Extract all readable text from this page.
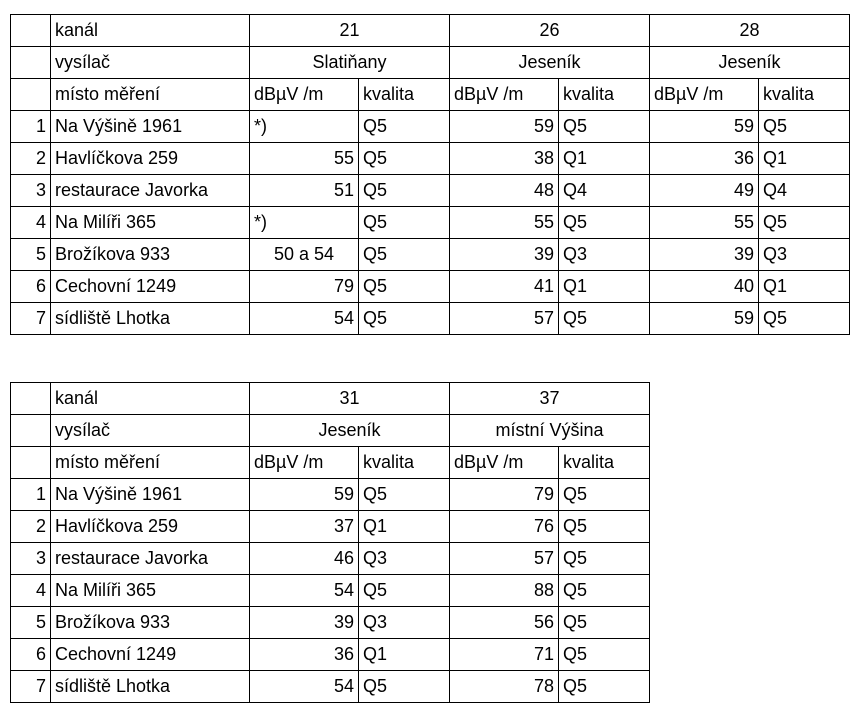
	kanál	21		26		28	
	vysílač	Slatiňany		Jeseník		Jeseník	
	místo měření	dBµV /m	kvalita	dBµV /m	kvalita	dBµV /m	kvalita
1	Na Výšině 1961	*)	Q5	59	Q5	59	Q5
2	Havlíčkova 259	55	Q5	38	Q1	36	Q1
3	restaurace Javorka	51	Q5	48	Q4	49	Q4
4	Na Milíři 365	*)	Q5	55	Q5	55	Q5
5	Brožíkova 933	50 a 54	Q5	39	Q3	39	Q3
6	Cechovní 1249	79	Q5	41	Q1	40	Q1
7	sídliště Lhotka	54	Q5	57	Q5	59	Q5
	kanál	31		37	
	vysílač	Jeseník		místní Výšina	
	místo měření	dBµV /m	kvalita	dBµV /m	kvalita
1	Na Výšině 1961	59	Q5	79	Q5
2	Havlíčkova 259	37	Q1	76	Q5
3	restaurace Javorka	46	Q3	57	Q5
4	Na Milíři 365	54	Q5	88	Q5
5	Brožíkova 933	39	Q3	56	Q5
6	Cechovní 1249	36	Q1	71	Q5
7	sídliště Lhotka	54	Q5	78	Q5
